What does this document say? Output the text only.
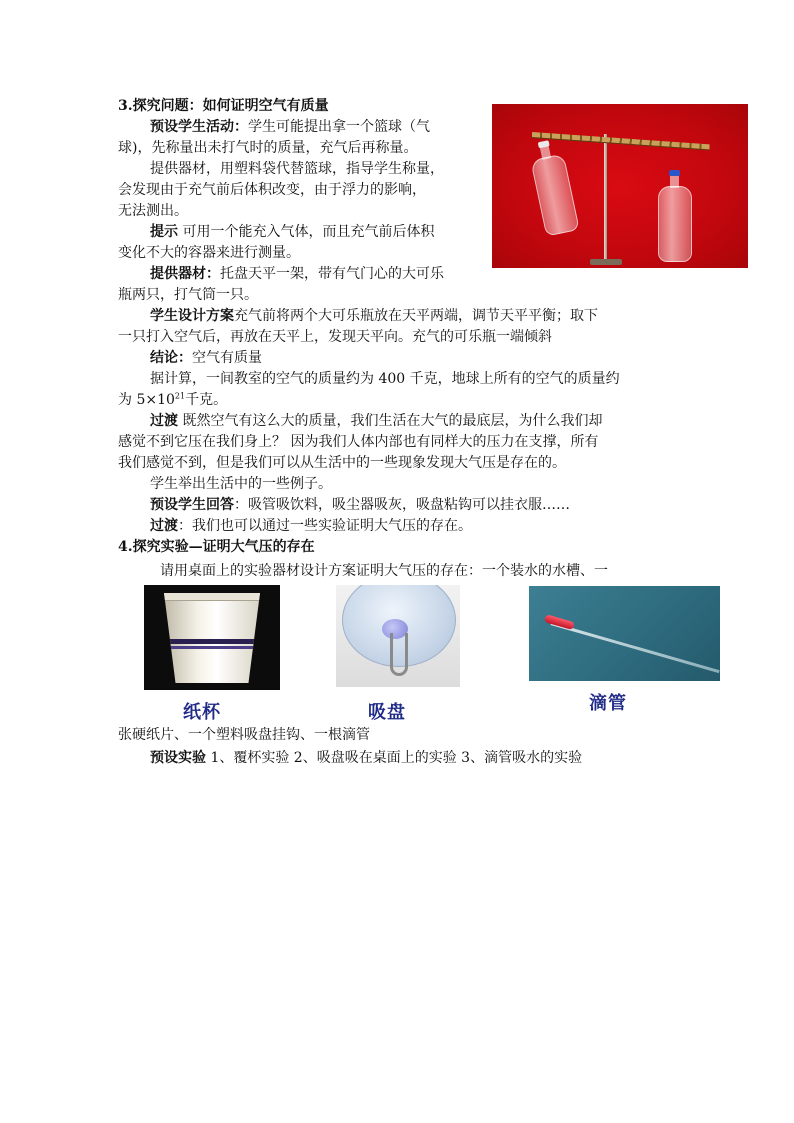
3.探究问题：如何证明空气有质量
预设学生活动：学生可能提出拿一个篮球（气
球)，先称量出未打气时的质量，充气后再称量。
提供器材，用塑料袋代替篮球，指导学生称量，
会发现由于充气前后体积改变，由于浮力的影响，
无法测出。
提示 可用一个能充入气体，而且充气前后体积
变化不大的容器来进行测量。
提供器材：托盘天平一架，带有气门心的大可乐
瓶两只，打气筒一只。
学生设计方案充气前将两个大可乐瓶放在天平两端，调节天平平衡；取下
一只打入空气后，再放在天平上，发现天平向。充气的可乐瓶一端倾斜
结论：空气有质量
据计算，一间教室的空气的质量约为 400 千克，地球上所有的空气的质量约
为 $5\times 10^{21}$千克。
过渡 既然空气有这么大的质量，我们生活在大气的最底层，为什么我们却
感觉不到它压在我们身上？ 因为我们人体内部也有同样大的压力在支撑，所有
我们感觉不到，但是我们可以从生活中的一些现象发现大气压是存在的。
学生举出生活中的一些例子。
预设学生回答：吸管吸饮料，吸尘器吸灰，吸盘粘钩可以挂衣服……
过渡：我们也可以通过一些实验证明大气压的存在。
4.探究实验—证明大气压的存在
请用桌面上的实验器材设计方案证明大气压的存在：一个装水的水槽、一
张硬纸片、一个塑料吸盘挂钩、一根滴管
预设实验 1、覆杯实验 2、吸盘吸在桌面上的实验 3、滴管吸水的实验
纸杯	吸盘	滴管
